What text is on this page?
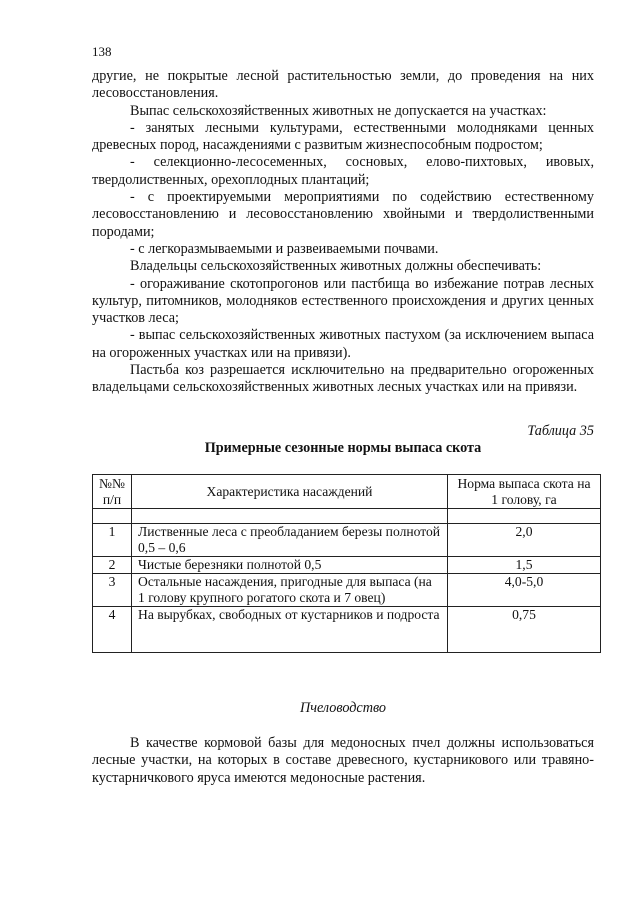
138

другие, не покрытые лесной растительностью земли, до проведения на них лесовосстановления.

Выпас сельскохозяйственных животных не допускается на участках:

- занятых лесными культурами, естественными молодняками ценных древесных пород, насаждениями с развитым жизнеспособным подростом;

- селекционно-лесосеменных, сосновых, елово-пихтовых, ивовых, твердолиственных, орехоплодных плантаций;

- с проектируемыми мероприятиями по содействию естественному лесовосстановлению и лесовосстановлению хвойными и твердолиственными породами;

- с легкоразмываемыми и развеиваемыми почвами.

Владельцы сельскохозяйственных животных должны обеспечивать:

- огораживание скотопрогонов или пастбища во избежание потрав лесных культур, питомников, молодняков естественного происхождения и других ценных участков леса;

- выпас сельскохозяйственных животных пастухом (за исключением выпаса на огороженных участках или на привязи).

Пастьба коз разрешается исключительно на предварительно огороженных владельцами сельскохозяйственных животных лесных участках или на привязи.

Таблица 35
Примерные сезонные нормы выпаса скота
№№ п/п	Характеристика насаждений	Норма выпаса скота на 1 голову, га

1	Лиственные леса с преобладанием березы полнотой 0,5 – 0,6	2,0
2	Чистые березняки полнотой 0,5	1,5
3	Остальные насаждения, пригодные для выпаса (на 1 голову крупного рогатого скота и 7 овец)	4,0-5,0
4	На вырубках, свободных от кустарников и подроста	0,75
Пчеловодство

В качестве кормовой базы для медоносных пчел должны использоваться лесные участки, на которых в составе древесного, кустарникового или травяно-кустарничкового яруса имеются медоносные растения.
